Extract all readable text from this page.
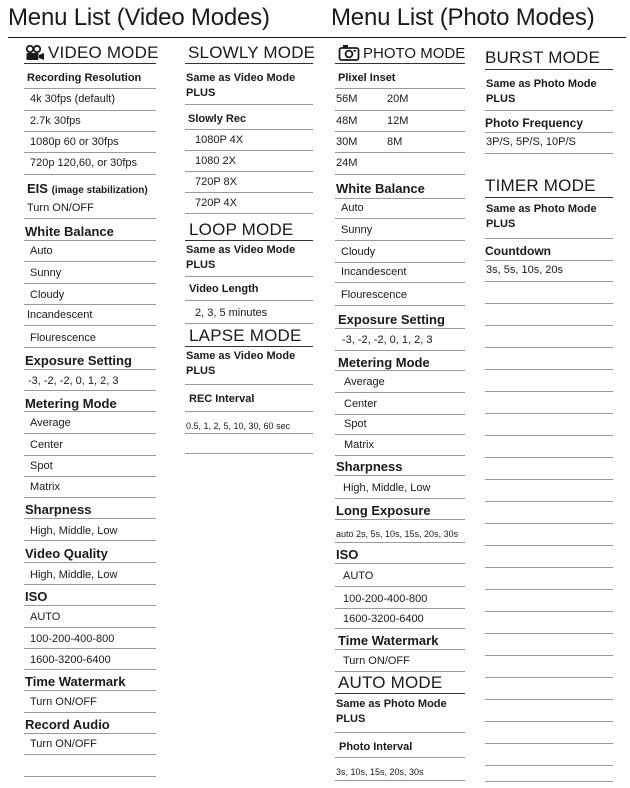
Menu List (Video Modes)	Menu List (Photo Modes)
VIDEO MODE
Recording Resolution
4k 30fps (default)
2.7k 30fps
1080p 60 or 30fps
720p 120,60, or 30fps
EIS (image stabilization)
Turn ON/OFF
White Balance
Auto
Sunny
Cloudy
Incandescent
Flourescence
Exposure Setting
-3, -2, -2, 0, 1, 2, 3
Metering Mode
Average
Center
Spot
Matrix
Sharpness
High, Middle, Low
Video Quality
High, Middle, Low
ISO
AUTO
100-200-400-800
1600-3200-6400
Time Watermark
Turn ON/OFF
Record Audio
Turn ON/OFF
SLOWLY MODE
Same as Video Mode
PLUS
Slowly Rec
1080P 4X
1080 2X
720P 8X
720P 4X
LOOP MODE
Same as Video Mode
PLUS
Video Length
2, 3, 5 minutes
LAPSE MODE
Same as Video Mode
PLUS
REC Interval
0.5, 1, 2, 5, 10, 30, 60 sec
PHOTO MODE
Plixel Inset
56M	20M
48M	12M
30M	8M
24M
White Balance
Auto
Sunny
Cloudy
Incandescent
Flourescence
Exposure Setting
-3, -2, -2, 0, 1, 2, 3
Metering Mode
Average
Center
Spot
Matrix
Sharpness
High, Middle, Low
Long Exposure
auto 2s, 5s, 10s, 15s, 20s, 30s
ISO
AUTO
100-200-400-800
1600-3200-6400
Time Watermark
Turn ON/OFF
AUTO MODE
Same as Photo Mode
PLUS
Photo Interval
3s, 10s, 15s, 20s, 30s
BURST MODE
Same as Photo Mode
PLUS
Photo Frequency
3P/S, 5P/S, 10P/S
TIMER MODE
Same as Photo Mode
PLUS
Countdown
3s, 5s, 10s, 20s
